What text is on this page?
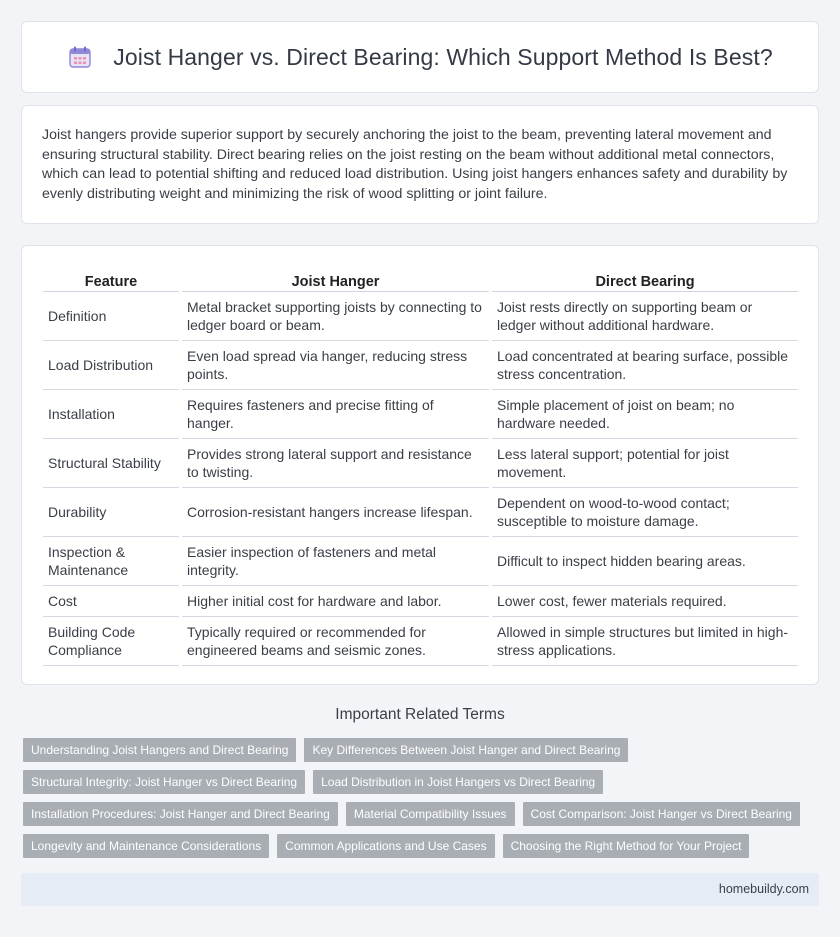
Joist Hanger vs. Direct Bearing: Which Support Method Is Best?

Joist hangers provide superior support by securely anchoring the joist to the beam, preventing lateral movement and ensuring structural stability. Direct bearing relies on the joist resting on the beam without additional metal connectors, which can lead to potential shifting and reduced load distribution. Using joist hangers enhances safety and durability by evenly distributing weight and minimizing the risk of wood splitting or joint failure.

Feature	Joist Hanger	Direct Bearing
Definition	Metal bracket supporting joists by connecting to ledger board or beam.	Joist rests directly on supporting beam or ledger without additional hardware.
Load Distribution	Even load spread via hanger, reducing stress points.	Load concentrated at bearing surface, possible stress concentration.
Installation	Requires fasteners and precise fitting of hanger.	Simple placement of joist on beam; no hardware needed.
Structural Stability	Provides strong lateral support and resistance to twisting.	Less lateral support; potential for joist movement.
Durability	Corrosion-resistant hangers increase lifespan.	Dependent on wood-to-wood contact; susceptible to moisture damage.
Inspection & Maintenance	Easier inspection of fasteners and metal integrity.	Difficult to inspect hidden bearing areas.
Cost	Higher initial cost for hardware and labor.	Lower cost, fewer materials required.
Building Code Compliance	Typically required or recommended for engineered beams and seismic zones.	Allowed in simple structures but limited in high-stress applications.
Important Related Terms
Understanding Joist Hangers and Direct Bearing	Key Differences Between Joist Hanger and Direct Bearing
Structural Integrity: Joist Hanger vs Direct Bearing	Load Distribution in Joist Hangers vs Direct Bearing
Installation Procedures: Joist Hanger and Direct Bearing	Material Compatibility Issues	Cost Comparison: Joist Hanger vs Direct Bearing
Longevity and Maintenance Considerations	Common Applications and Use Cases	Choosing the Right Method for Your Project
homebuildy.com
